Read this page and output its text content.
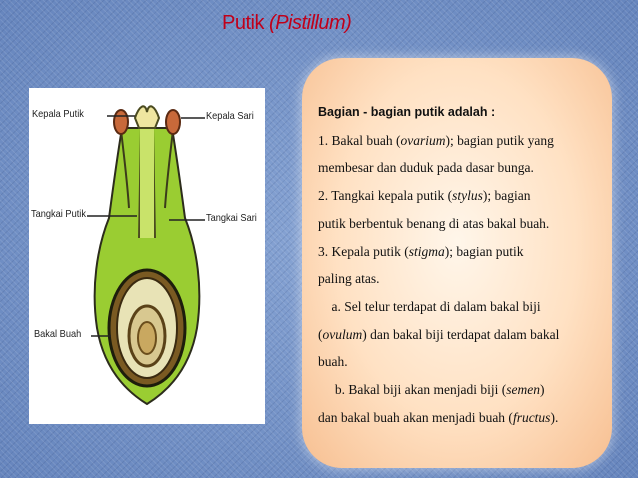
Putik (Pistillum)
Kepala Putik	Kepala Sari
Tangkai Putik	Tangkai Sari
Bakal Buah

Bagian - bagian putik adalah :

1. Bakal buah (ovarium); bagian putik yang

membesar dan duduk pada dasar bunga.

2. Tangkai kepala putik (stylus); bagian

putik berbentuk benang di atas bakal buah.

3. Kepala putik (stigma); bagian putik

paling atas.

a. Sel telur terdapat di dalam bakal biji

(ovulum) dan bakal biji terdapat dalam bakal

buah.

b. Bakal biji akan menjadi biji (semen)

dan bakal buah akan menjadi buah (fructus).
